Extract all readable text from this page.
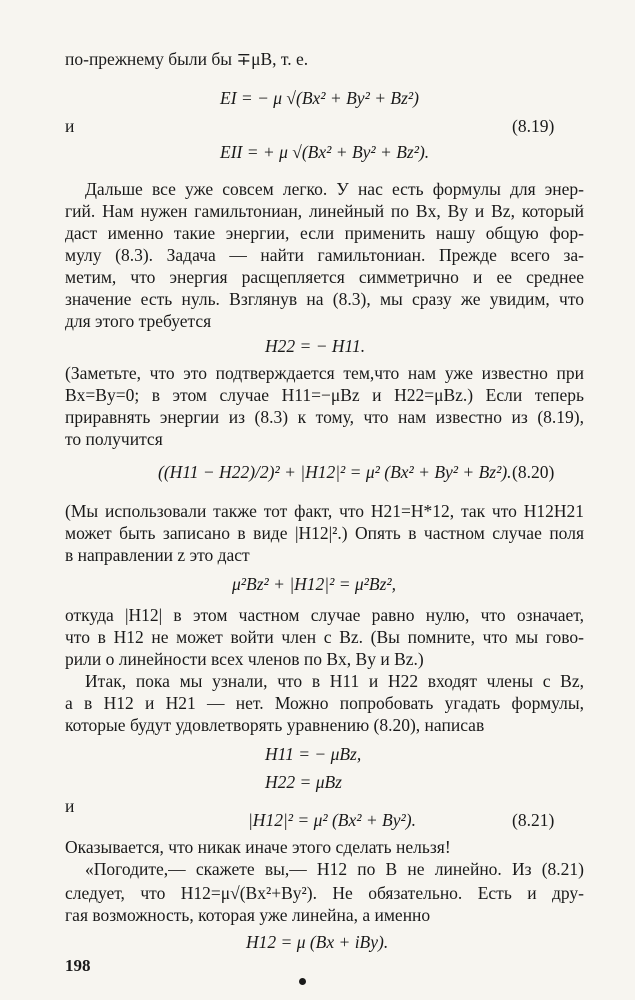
по-прежнему были бы ∓μB, т. е.
EI = − μ √(Bx² + By² + Bz²)
и	(8.19)
EII = + μ √(Bx² + By² + Bz²).
Дальше все уже совсем легко. У нас есть формулы для энер-
гий. Нам нужен гамильтониан, линейный по Bx, By и Bz, который
даст именно такие энергии, если применить нашу общую фор-
мулу (8.3). Задача — найти гамильтониан. Прежде всего за-
метим, что энергия расщепляется симметрично и ее среднее
значение есть нуль. Взглянув на (8.3), мы сразу же увидим, что
для этого требуется
H22 = − H11.
(Заметьте, что это подтверждается тем,что нам уже известно при
Bx=By=0; в этом случае H11=−μBz и H22=μBz.) Если теперь
приравнять энергии из (8.3) к тому, что нам известно из (8.19),
то получится
((H11 − H22)/2)² + |H12|² = μ² (Bx² + By² + Bz²). (8.20)
(Мы использовали также тот факт, что H21=H*12, так что H12H21
может быть записано в виде |H12|².) Опять в частном случае поля
в направлении z это даст
μ²Bz² + |H12|² = μ²Bz²,
откуда |H12| в этом частном случае равно нулю, что означает,
что в H12 не может войти член с Bz. (Вы помните, что мы гово-
рили о линейности всех членов по Bx, By и Bz.)
Итак, пока мы узнали, что в H11 и H22 входят члены с Bz,
а в H12 и H21 — нет. Можно попробовать угадать формулы,
которые будут удовлетворять уравнению (8.20), написав
H11 = − μBz,
H22 = μBz
и
|H12|² = μ² (Bx² + By²).	(8.21)
Оказывается, что никак иначе этого сделать нельзя!
«Погодите,— скажете вы,— H12 по B не линейно. Из (8.21)
следует, что H12=μ√(Bx²+By²). Не обязательно. Есть и дру-
гая возможность, которая уже линейна, а именно
H12 = μ (Bx + iBy).
198
